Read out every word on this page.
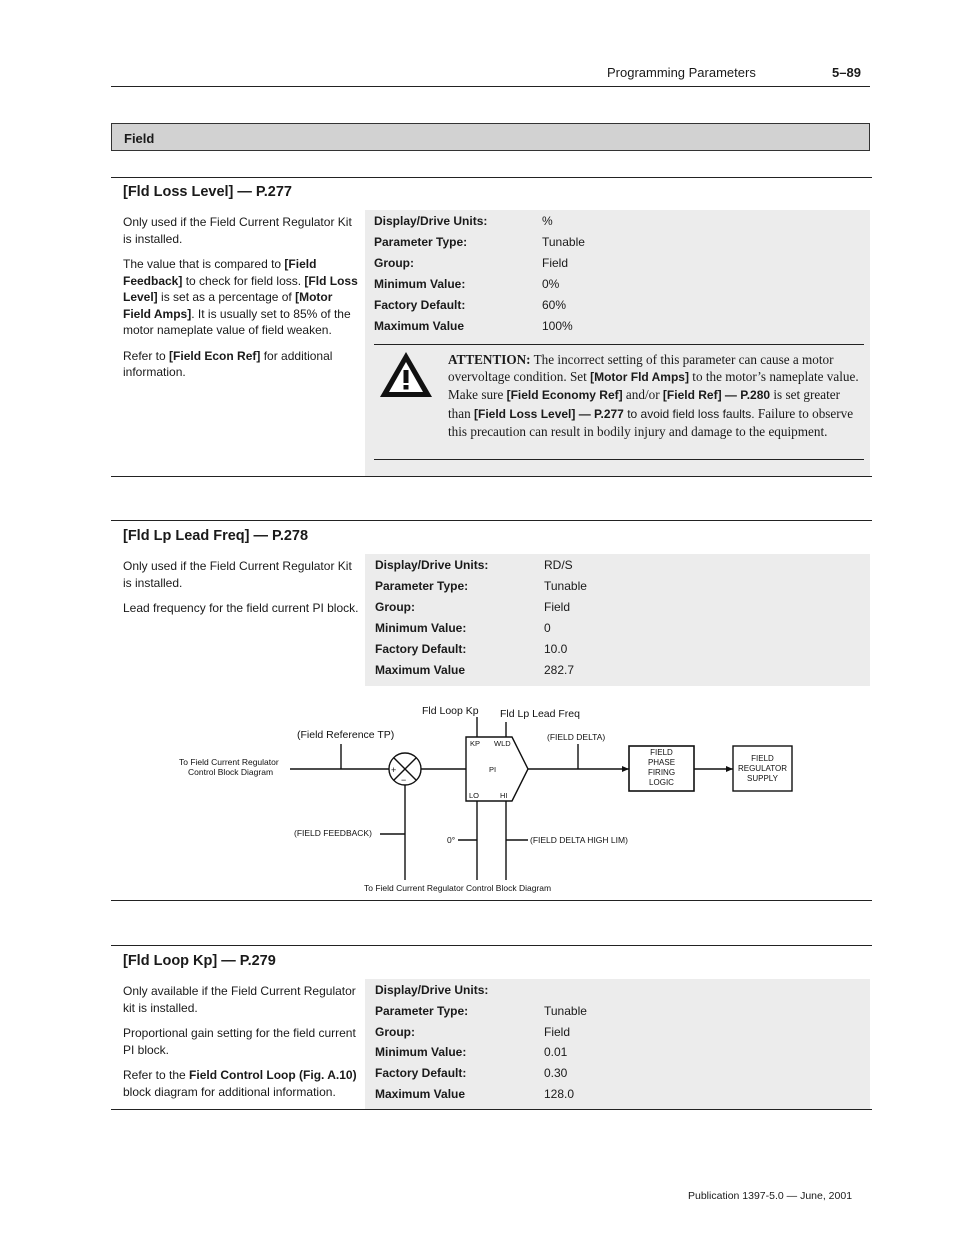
Programming Parameters	5–89
Field
[Fld Loss Level] — P.277

Only used if the Field Current Regulator Kit is installed.

The value that is compared to [Field Feedback] to check for field loss. [Fld Loss Level] is set as a percentage of [Motor Field Amps]. It is usually set to 85% of the motor nameplate value of field weaken.

Refer to [Field Econ Ref] for additional information.

Display/Drive Units:	%
Parameter Type:	Tunable
Group:	Field
Minimum Value:	0%
Factory Default:	60%
Maximum Value	100%
ATTENTION: The incorrect setting of this parameter can cause a motor overvoltage condition. Set [Motor Fld Amps] to the motor’s nameplate value. Make sure [Field Economy Ref] and/or [Field Ref] — P.280 is set greater than [Field Loss Level] — P.277 to avoid field loss faults. Failure to observe this precaution can result in bodily injury and damage to the equipment.
[Fld Lp Lead Freq] — P.278

Only used if the Field Current Regulator Kit is installed.

Lead frequency for the field current PI block.

Display/Drive Units:	RD/S
Parameter Type:	Tunable
Group:	Field
Minimum Value:	0
Factory Default:	10.0
Maximum Value	282.7
Fld Loop Kp Fld Lp Lead Freq
(Field Reference TP)
To Field Current Regulator
Control Block Diagram
(FIELD DELTA)
(FIELD FEEDBACK)
0°	(FIELD DELTA HIGH LIM)
To Field Current Regulator Control Block Diagram
KP WLD
PI
LO	HI
+
−
FIELD
PHASE
FIRING
LOGIC
FIELD
REGULATOR
SUPPLY
[Fld Loop Kp] — P.279

Only available if the Field Current Regulator kit is installed.

Proportional gain setting for the field current PI block.

Refer to the Field Control Loop (Fig. A.10) block diagram for additional information.

Display/Drive Units:
Parameter Type:	Tunable
Group:	Field
Minimum Value:	0.01
Factory Default:	0.30
Maximum Value	128.0
Publication 1397-5.0 — June, 2001
